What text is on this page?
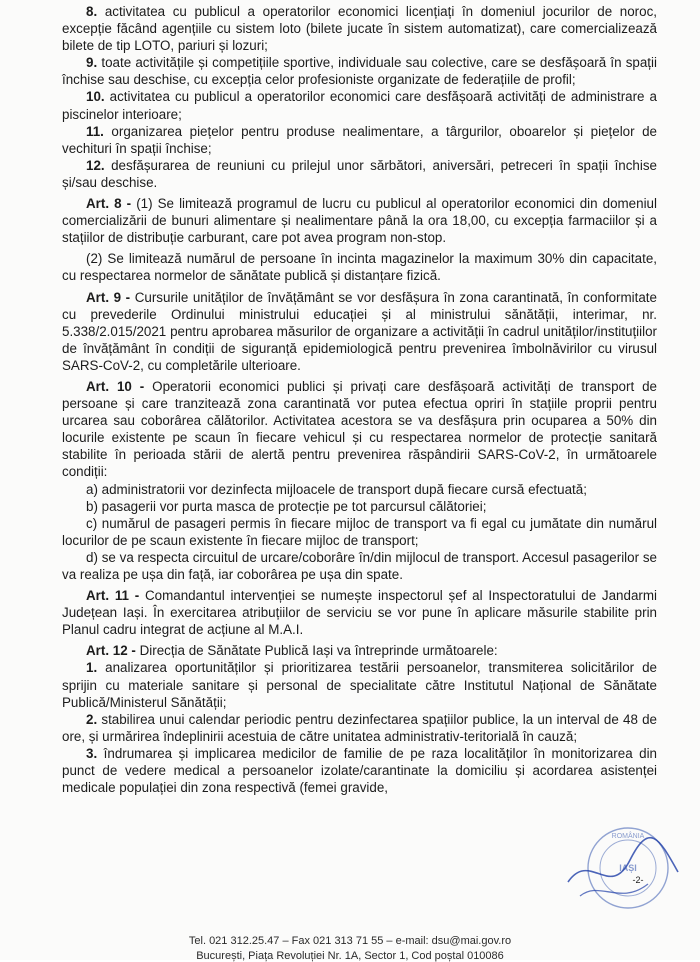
8. activitatea cu publicul a operatorilor economici licențiați în domeniul jocurilor de noroc, excepție făcând agențiile cu sistem loto (bilete jucate în sistem automatizat), care comercializează bilete de tip LOTO, pariuri și lozuri;

9. toate activitățile și competițiile sportive, individuale sau colective, care se desfășoară în spații închise sau deschise, cu excepția celor profesioniste organizate de federațiile de profil;

10. activitatea cu publicul a operatorilor economici care desfășoară activități de administrare a piscinelor interioare;

11. organizarea piețelor pentru produse nealimentare, a târgurilor, oboarelor și piețelor de vechituri în spații închise;

12. desfășurarea de reuniuni cu prilejul unor sărbători, aniversări, petreceri în spații închise și/sau deschise.

Art. 8 - (1) Se limitează programul de lucru cu publicul al operatorilor economici din domeniul comercializării de bunuri alimentare și nealimentare până la ora 18,00, cu excepția farmaciilor și a stațiilor de distribuție carburant, care pot avea program non-stop.

(2) Se limitează numărul de persoane în incinta magazinelor la maximum 30% din capacitate, cu respectarea normelor de sănătate publică și distanțare fizică.

Art. 9 - Cursurile unităților de învățământ se vor desfășura în zona carantinată, în conformitate cu prevederile Ordinului ministrului educației și al ministrului sănătății, interimar, nr. 5.338/2.015/2021 pentru aprobarea măsurilor de organizare a activității în cadrul unităților/instituțiilor de învățământ în condiții de siguranță epidemiologică pentru prevenirea îmbolnăvirilor cu virusul SARS-CoV-2, cu completările ulterioare.

Art. 10 - Operatorii economici publici și privați care desfășoară activități de transport de persoane și care tranzitează zona carantinată vor putea efectua opriri în stațiile proprii pentru urcarea sau coborârea călătorilor. Activitatea acestora se va desfășura prin ocuparea a 50% din locurile existente pe scaun în fiecare vehicul și cu respectarea normelor de protecție sanitară stabilite în perioada stării de alertă pentru prevenirea răspândirii SARS-CoV-2, în următoarele condiții:

a) administratorii vor dezinfecta mijloacele de transport după fiecare cursă efectuată;

b) pasagerii vor purta masca de protecție pe tot parcursul călătoriei;

c) numărul de pasageri permis în fiecare mijloc de transport va fi egal cu jumătate din numărul locurilor de pe scaun existente în fiecare mijloc de transport;

d) se va respecta circuitul de urcare/coborâre în/din mijlocul de transport. Accesul pasagerilor se va realiza pe ușa din față, iar coborârea pe ușa din spate.

Art. 11 - Comandantul intervenției se numește inspectorul șef al Inspectoratului de Jandarmi Județean Iași. În exercitarea atribuțiilor de serviciu se vor pune în aplicare măsurile stabilite prin Planul cadru integrat de acțiune al M.A.I.

Art. 12 - Direcția de Sănătate Publică Iași va întreprinde următoarele:

1. analizarea oportunităților și prioritizarea testării persoanelor, transmiterea solicitărilor de sprijin cu materiale sanitare și personal de specialitate către Institutul Național de Sănătate Publică/Ministerul Sănătății;

2. stabilirea unui calendar periodic pentru dezinfectarea spațiilor publice, la un interval de 48 de ore, și urmărirea îndeplinirii acestuia de către unitatea administrativ-teritorială în cauză;

3. îndrumarea și implicarea medicilor de familie de pe raza localităților în monitorizarea din punct de vedere medical a persoanelor izolate/carantinate la domiciliu și acordarea asistenței medicale populației din zona respectivă (femei gravide,

ROMÂNIA
IAȘI
-2-
Tel. 021 312.25.47 – Fax 021 313 71 55 – e-mail: dsu@mai.gov.ro
București, Piața Revoluției Nr. 1A, Sector 1, Cod poștal 010086
